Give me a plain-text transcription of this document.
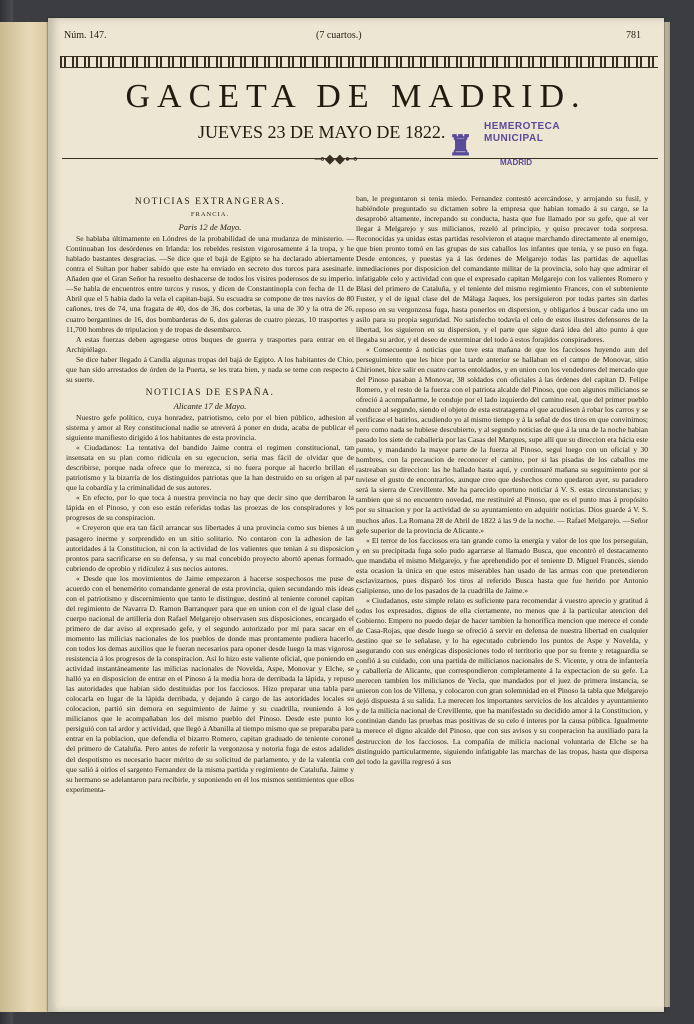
Núm. 147.	(7 cuartos.)	781
GACETA DE MADRID.
JUEVES 23 DE MAYO DE 1822.
⊸◆◆⊷	♜
HEMEROTECA
MUNICIPAL
MADRID
NOTICIAS EXTRANGERAS.
FRANCIA.
Paris 12 de Mayo.

Se hablaba últimamente en Lóndres de la probabilidad de una mudanza de ministerio. —Continuaban los desórdenes en Irlanda: los rebeldes resisten vigorosamente á la tropa, y he hablado bastantes desgracias. —Se dice que el bajá de Egipto se ha declarado abiertamente contra el Sultan por haber sabido que este ha enviado en secreto dos turcos para asesinarle. Añaden que el Gran Señor ha resuelto deshacerse de todos los visires poderosos de su imperio. —Se habla de encuentros entre turcos y rusos, y dicen de Constantinopla con fecha de 11 de Abril que el 5 habia dado la vela el capitan-bajá. Su escuadra se compone de tres navíos de 80 cañones, tres de 74, una fragata de 40, dos de 36, dos corbetas, la una de 30 y la otra de 26, cuatro bergantines de 16, dos bombarderas de 6, dos galeras de cuatro piezas, 10 trasportes y 11,700 hombres de tripulacion y de tropas de desembarco.

A estas fuerzas deben agregarse otros buques de guerra y trasportes para entrar en el Archipiélago.

Se dice haber llegado á Candía algunas tropas del bajá de Egipto. A los habitantes de Chio, que han sido arrestados de órden de la Puerta, se les trata bien, y nada se teme con respecto á su suerte.

NOTICIAS DE ESPAÑA.
Alicante 17 de Mayo.

Nuestro gefe político, cuya honradez, patriotismo, celo por el bien público, adhesion al sistema y amor al Rey constitucional nadie se atreverá á poner en duda, acaba de publicar el siguiente manifiesto dirigido á los habitantes de esta provincia.

« Ciudadanos: La tentativa del bandido Jaime contra el regimen constitucional, tan insensata en su plan como ridícula en su egecucion, seria mas fácil de olvidar que de describirse, porque nada ofrece que lo merezca, si no fuera porque al hacerlo brillan el patriotismo y la bizarría de los distinguidos patriotas que la han destruido en su origen al par que la cobardía y la criminalidad de sus autores.

« En efecto, por lo que toca á nuestra provincia no hay que decir sino que derribaron la lápida en el Pinoso, y con eso están referidas todas las proezas de los conspiradores y los progresos de su conspiracion.

« Creyeron que era tan fácil arrancar sus libertades á una provincia como sus bienes á un pasagero inerme y sorprendido en un sitio solitario. No contaron con la adhesion de las autoridades á la Constitucion, ni con la actividad de los valientes que tenian á su disposicion prontos para sacrificarse en su defensa, y su mal concebido proyecto abortó apenas formado, cubriendo de oprobio y ridículez á sus necios autores.

« Desde que los movimientos de Jaime empezaron á hacerse sospechosos me puse de acuerdo con el benemérito comandante general de esta provincia, quien secundando mis ideas con el patriotismo y discernimiento que tanto le distingue, destinó al teniente coronel capitan del regimiento de Navarra D. Ramon Barranquer para que en union con el de igual clase del cuerpo nacional de artillería don Rafael Melgarejo observasen sus disposiciones, encargado el primero de dar aviso al expresado gefe, y el segundo autorizado por mí para sacar en el momento las milicias nacionales de los pueblos de donde mas prontamente pudiera hacerlo, con todos los demas auxilios que le fueran necesarios para oponer desde luego la mas vigorosa resistencia á los progresos de la conspiracion. Así lo hizo este valiente oficial, que poniendo en actividad instantáneamente las milicias nacionales de Novelda, Aspe, Monovar y Elche, se halló ya en disposicion de entrar en el Pinoso á la media hora de derribada la lápida, y repuso las autoridades que habian sido destituidas por los facciosos. Hizo preparar una tabla para colocarla en lugar de la lápida derribada, y dejando á cargo de las autoridades locales su colocacion, partió sin demora en seguimiento de Jaime y su cuadrilla, reuniendo á los milicianos que le acompañaban los del mismo pueblo del Pinoso. Desde este punto los persiguió con tal ardor y actividad, que llegó á Abanilla al tiempo mismo que se preparaba para entrar en la poblacion, que defendia el bizarro Romero, capitan graduado de teniente coronel del primero de Cataluña. Pero antes de referir la vergonzosa y notoria fuga de estos adalides del despotismo es necesario hacer mérito de su solicitud de parlamento, y de la valentía con que salió á oirlos el sargento Fernandez de la misma partida y regimiento de Cataluña. Jaime y su hermano se adelantaron para recibirle, y suponiendo en él los mismos sentimientos que ellos experimenta-

ban, le preguntaron si tenia miedo. Fernandez contestó acercándose, y arrojando su fusil, y habiéndole preguntado su dictamen sobre la empresa que habian tomado á su cargo, se la desaprobó altamente, increpando su conducta, hasta que fue llamado por su gefe, que al ver llegar á Melgarejo y sus milicianos, rezeló al principio, y quiso precaver toda sorpresa. Reconocidas ya unidas estas partidas resolvieron el ataque marchando directamente al enemigo, que bien pronto tomó en las grupas de sus caballos los infantes que tenia, y se puso en fuga. Desde entonces, y puestas ya á las órdenes de Melgarejo todas las partidas de aquellas inmediaciones por disposicion del comandante militar de la provincia, solo hay que admirar el infatigable celo y actividad con que el expresado capitan Melgarejo con los valientes Romero y Blasi del primero de Cataluña, y el teniente del mismo regimiento Frances, con el subteniente Fuster, y el de igual clase del de Málaga Jaques, los persiguieron por todas partes sin darles reposo en su vergonzosa fuga, hasta ponerlos en dispersion, y obligarlos á buscar cada uno un asilo para su propia seguridad. No satisfecho todavía el celo de estos ilustres defensores de la libertad, los siguieron en su dispersion, y el parte que sigue dará idea del alto punto á que llegaba su ardor, y el deseo de exterminar del todo á estos forajidos conspiradores.

« Consecuente á noticias que tuve esta mañana de que los facciosos huyendo aun del perseguimiento que les hice por la tarde anterior se hallaban en el campo de Monovar, sitio Chirionet, hice salir en cuatro carros entoldados, y en union con los vendedores del mercado que del Pinoso pasaban á Monovar, 38 soldados con oficiales á las órdenes del capitan D. Felipe Romero, y el resto de la fuerza con el patriota alcalde del Pinoso, que con algunos milicianos se ofreció á acompañarme, le conduje por el lado izquierdo del camino real, que del primer pueblo conduce al segundo, siendo el objeto de esta estratagema el que acudiesen á robar los carros y se verificase el batirlos, acudiendo yo al mismo tiempo y á la señal de dos tiros en que convinimos; pero como nada se hubiese descubierto, y al segundo noticias de que á la una de la noche habian pasado los siete de caballería por las Casas del Marques, supe allí que su direccion era hácia este punto, y mandando la mayor parte de la fuerza al Pinoso, segui luego con un oficial y 30 hombres, con la precaucion de reconocer el camino, por si las pisadas de los caballos me rastreaban su direccion: las he hallado hasta aquí, y continuaré mañana su seguimiento por si tuviese el gusto de encontrarlos, aunque creo que deshechos como quedaron ayer, su paradero será la sierra de Crevillente. Me ha parecido oportuno noticiar á V. S. estas circunstancias; y tambien que si no encuentro novedad, me restituiré al Pinoso, que es el punto mas á propósito por su situacion y por la actividad de su ayuntamiento en adquirir noticias. Dios guarde á V. S. muchos años. La Romana 28 de Abril de 1822 á las 9 de la noche. — Rafael Melgarejo. —Señor gefe superior de la provincia de Alicante.»

« El terror de los facciosos era tan grande como la energía y valor de los que los perseguian, y en su precipitada fuga solo pudo agarrarse al llamado Busca, que encontró el destacamento que mandaba el mismo Melgarejo, y fue aprehendido por el teniente D. Miguel Francés, siendo esta ocasion la única en que estos miserables han usado de las armas con que pretendieron esclavizarnos, pues disparó los tiros al referido Busca hasta que fue herido por Antonio Galipienso, uno de los pasados de la cuadrilla de Jaime.»

« Ciudadanos, este simple relato es suficiente para recomendar á vuestro aprecio y gratitud á todos los expresados, dignos de ella ciertamente, no menos que á la particular atencion del Gobierno. Empero no puedo dejar de hacer tambien la honorífica mencion que merece el conde de Casa-Rojas, que desde luego se ofreció á servir en defensa de nuestra libertad en cualquier destino que se le señalase, y lo ha egecutado cubriendo los puntos de Aspe y Novelda, y asegurando con sus enérgicas disposiciones todo el territorio que por su frente y retaguardia se confió á su cuidado, con una partida de milicianos nacionales de S. Vicente, y otra de infantería y caballería de Alicante, que correspondieron completamente á la expectacion de su gefe. La merecen tambien los milicianos de Yecla, que mandados por el juez de primera instancia, se unieron con los de Villena, y colocaron con gran solemnidad en el Pinoso la tabla que Melgarejo dejó dispuesta á su salida. La merecen los importantes servicios de los alcaldes y ayuntamiento y de la milicia nacional de Crevillente, que ha manifestado su decidido amor á la Constitucion, y continúan dando las pruebas mas positivas de su celo é interes por la causa pública. Igualmente la merece el digno alcalde del Pinoso, que con sus avisos y su cooperacion ha auxiliado para la destruccion de los facciosos. La compañía de milicia nacional voluntaria de Elche se ha distinguido particularmente, siguiendo infatigable las marchas de las tropas, hasta que dispersa del todo la gavilla regresó á sus
